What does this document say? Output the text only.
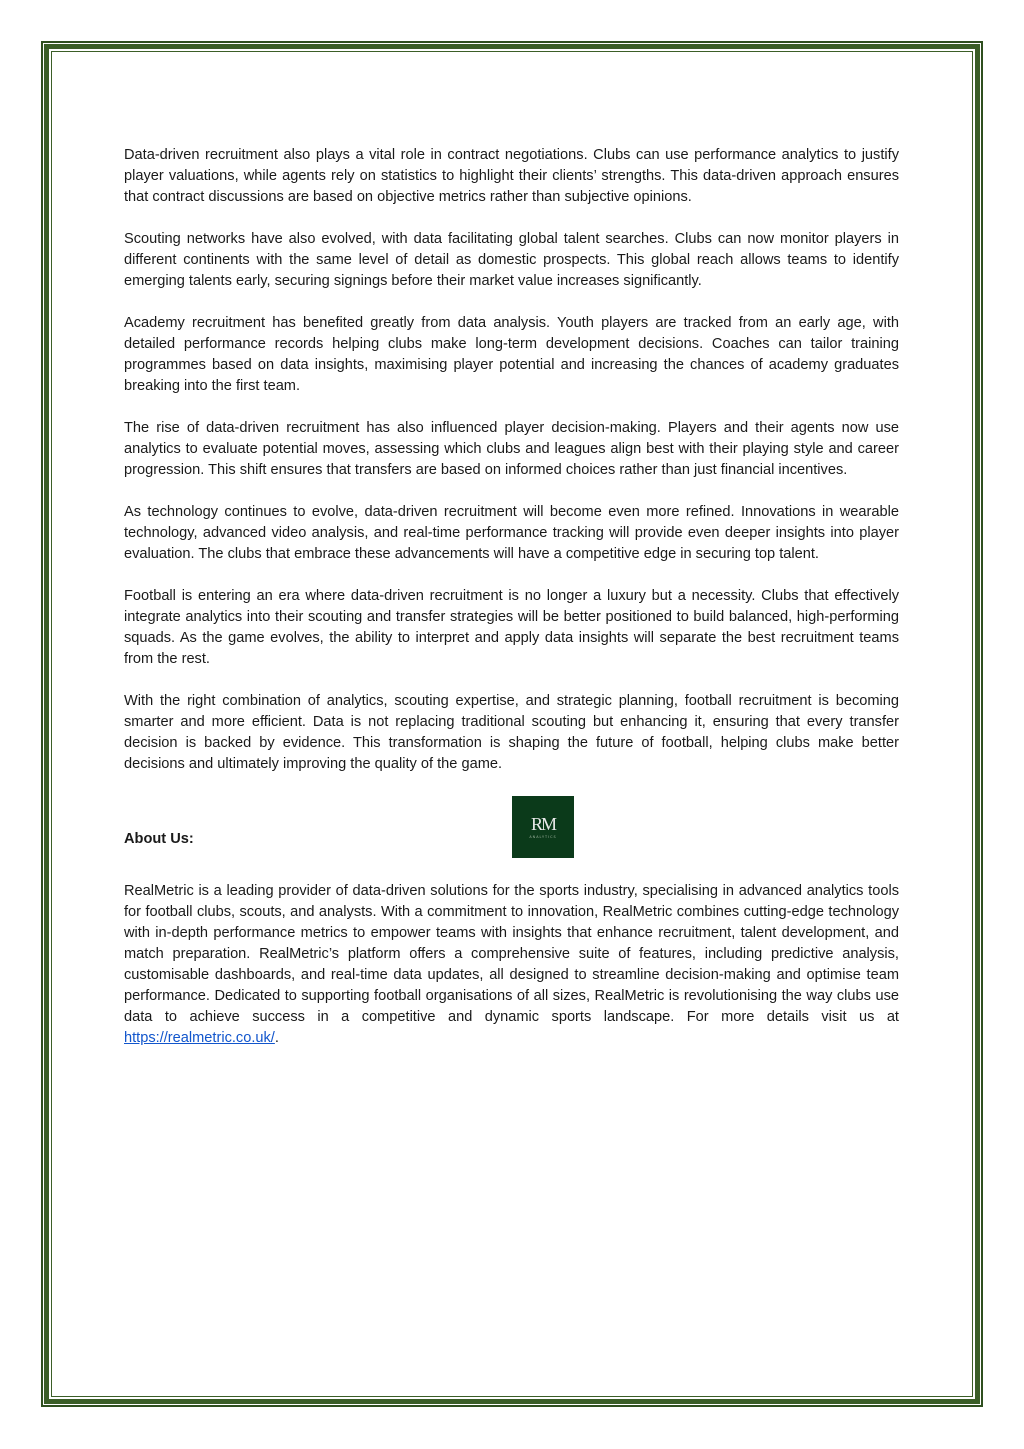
Data-driven recruitment also plays a vital role in contract negotiations. Clubs can use performance analytics to justify player valuations, while agents rely on statistics to highlight their clients’ strengths. This data-driven approach ensures that contract discussions are based on objective metrics rather than subjective opinions.

Scouting networks have also evolved, with data facilitating global talent searches. Clubs can now monitor players in different continents with the same level of detail as domestic prospects. This global reach allows teams to identify emerging talents early, securing signings before their market value increases significantly.

Academy recruitment has benefited greatly from data analysis. Youth players are tracked from an early age, with detailed performance records helping clubs make long-term development decisions. Coaches can tailor training programmes based on data insights, maximising player potential and increasing the chances of academy graduates breaking into the first team.

The rise of data-driven recruitment has also influenced player decision-making. Players and their agents now use analytics to evaluate potential moves, assessing which clubs and leagues align best with their playing style and career progression. This shift ensures that transfers are based on informed choices rather than just financial incentives.

As technology continues to evolve, data-driven recruitment will become even more refined. Innovations in wearable technology, advanced video analysis, and real-time performance tracking will provide even deeper insights into player evaluation. The clubs that embrace these advancements will have a competitive edge in securing top talent.

Football is entering an era where data-driven recruitment is no longer a luxury but a necessity. Clubs that effectively integrate analytics into their scouting and transfer strategies will be better positioned to build balanced, high-performing squads. As the game evolves, the ability to interpret and apply data insights will separate the best recruitment teams from the rest.

With the right combination of analytics, scouting expertise, and strategic planning, football recruitment is becoming smarter and more efficient. Data is not replacing traditional scouting but enhancing it, ensuring that every transfer decision is backed by evidence. This transformation is shaping the future of football, helping clubs make better decisions and ultimately improving the quality of the game.

About Us:

RM
ANALYTICS

RealMetric is a leading provider of data-driven solutions for the sports industry, specialising in advanced analytics tools for football clubs, scouts, and analysts. With a commitment to innovation, RealMetric combines cutting-edge technology with in-depth performance metrics to empower teams with insights that enhance recruitment, talent development, and match preparation. RealMetric’s platform offers a comprehensive suite of features, including predictive analysis, customisable dashboards, and real-time data updates, all designed to streamline decision-making and optimise team performance. Dedicated to supporting football organisations of all sizes, RealMetric is revolutionising the way clubs use data to achieve success in a competitive and dynamic sports landscape. For more details visit us at https://realmetric.co.uk/.
